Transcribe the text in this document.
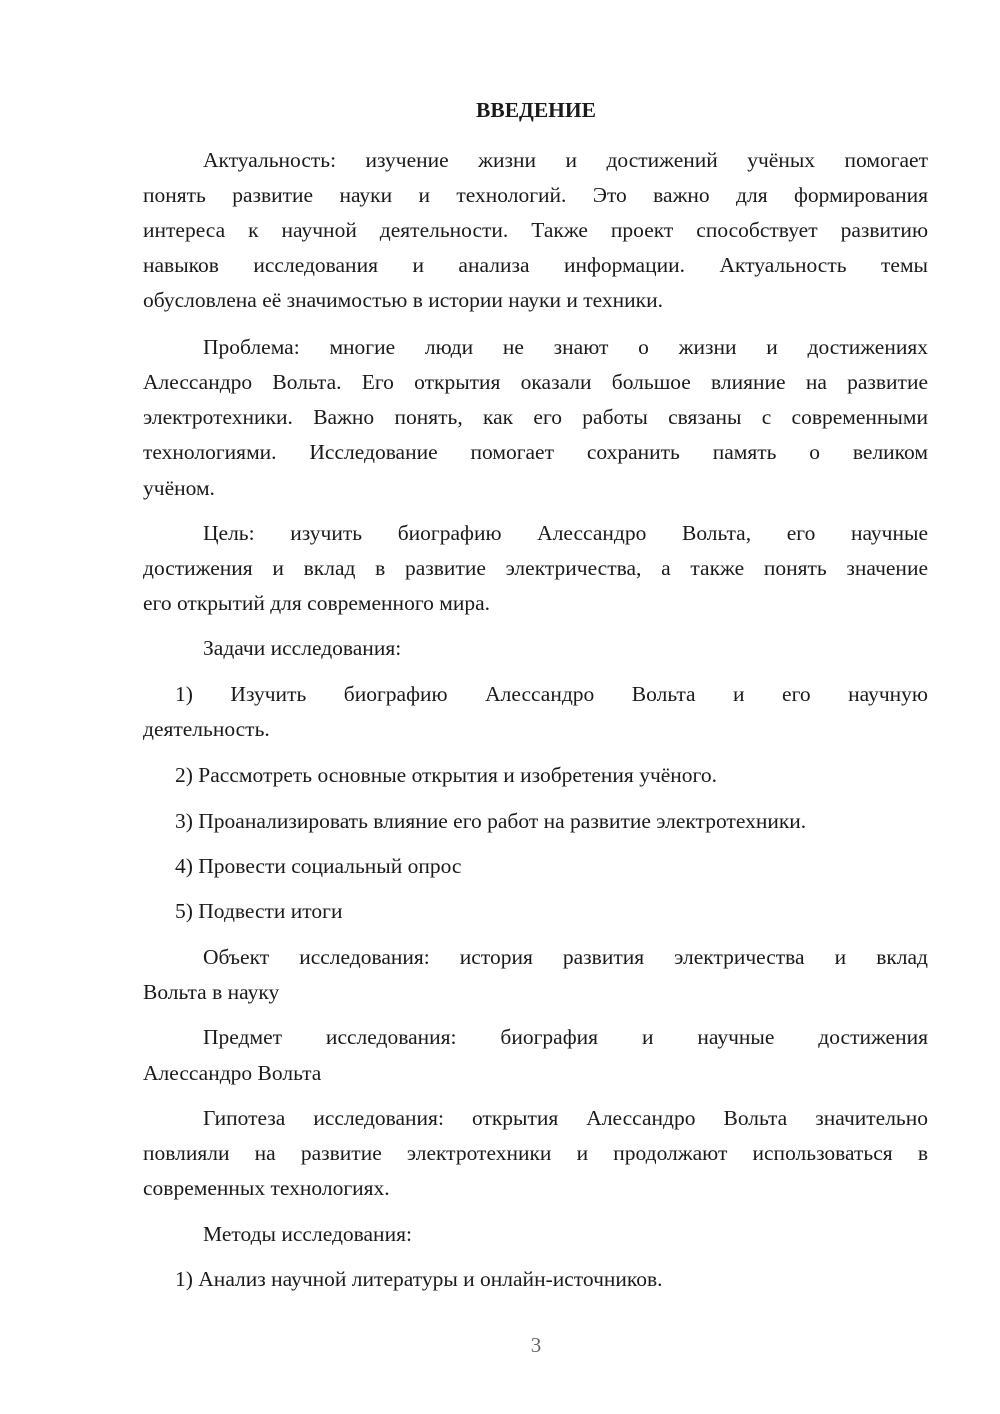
ВВЕДЕНИЕ
Актуальность: изучение жизни и достижений учёных помогает
понять развитие науки и технологий. Это важно для формирования
интереса к научной деятельности. Также проект способствует развитию
навыков исследования и анализа информации. Актуальность темы
обусловлена её значимостью в истории науки и техники.
Проблема: многие люди не знают о жизни и достижениях
Алессандро Вольта. Его открытия оказали большое влияние на развитие
электротехники. Важно понять, как его работы связаны с современными
технологиями. Исследование помогает сохранить память о великом
учёном.
Цель: изучить биографию Алессандро Вольта, его научные
достижения и вклад в развитие электричества, а также понять значение
его открытий для современного мира.
Задачи исследования:
1) Изучить биографию Алессандро Вольта и его научную
деятельность.
2) Рассмотреть основные открытия и изобретения учёного.
3) Проанализировать влияние его работ на развитие электротехники.
4) Провести социальный опрос
5) Подвести итоги
Объект исследования: история развития электричества и вклад
Вольта в науку
Предмет исследования: биография и научные достижения
Алессандро Вольта
Гипотеза исследования: открытия Алессандро Вольта значительно
повлияли на развитие электротехники и продолжают использоваться в
современных технологиях.
Методы исследования:
1) Анализ научной литературы и онлайн-источников.
3
